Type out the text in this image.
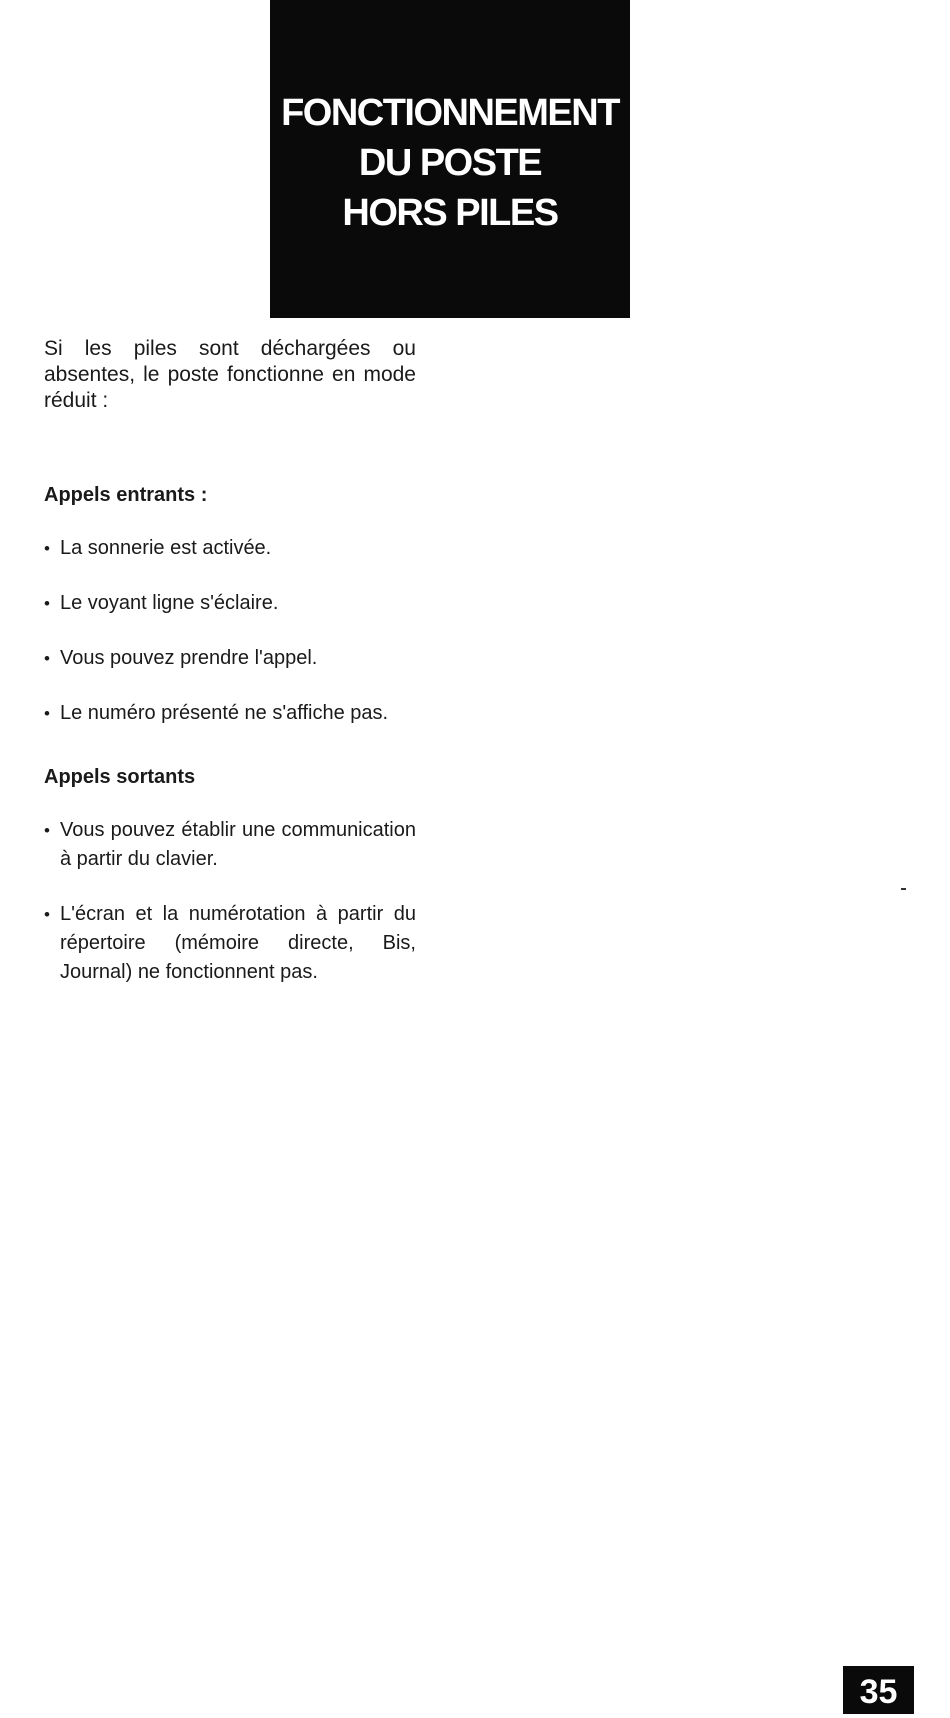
FONCTIONNEMENT
DU POSTE
HORS PILES

Si les piles sont déchargées ou absentes, le poste fonctionne en mode réduit :

Appels entrants :
• La sonnerie est activée.
• Le voyant ligne s'éclaire.
• Vous pouvez prendre l'appel.
• Le numéro présenté ne s'affiche pas.
Appels sortants
• Vous pouvez établir une communication à partir du clavier.
• L'écran et la numérotation à partir du répertoire (mémoire directe, Bis, Journal) ne fonctionnent pas.
35
